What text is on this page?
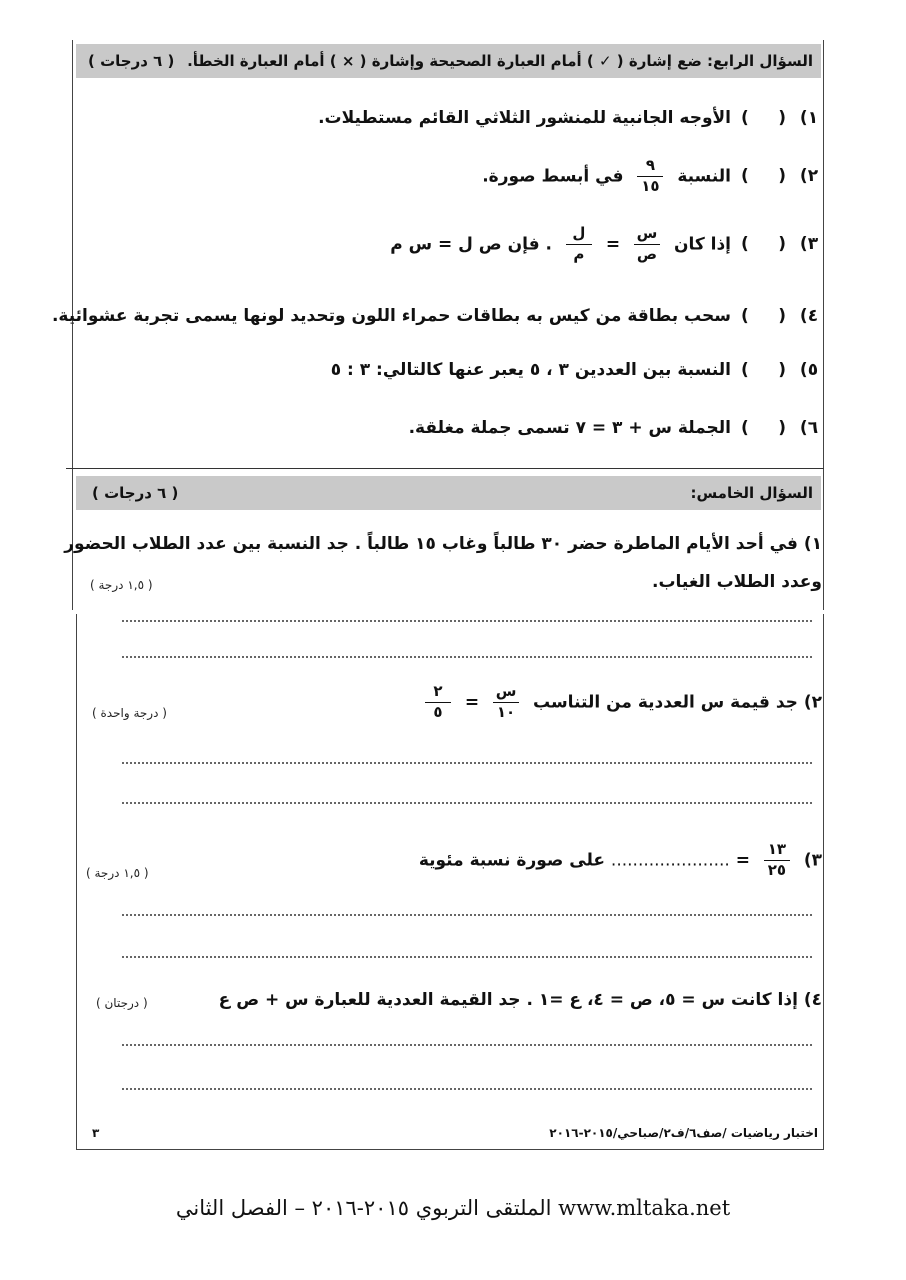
السؤال الرابع: ضع إشارة ( ✓ ) أمام العبارة الصحيحة وإشارة ( × ) أمام العبارة الخطأ.
( ٦ درجات )
١) (     ) الأوجه الجانبية للمنشور الثلاثي القائم مستطيلات.
٢) (     ) النسبة
$\frac{٩}{١٥}$
في أبسط صورة.
٣) (     ) إذا كان
$\frac{\text{س}}{\text{ص}}$
=
$\frac{\text{ل}}{\text{م}}$
. فإن ص ل = س م
٤) (     ) سحب بطاقة من كيس به بطاقات حمراء اللون وتحديد لونها يسمى تجربة عشوائية.
٥) (     ) النسبة بين العددين ٣ ، ٥ يعبر عنها كالتالي: ٣ : ٥
٦) (     ) الجملة س + ٣ = ٧ تسمى جملة مغلقة.
السؤال الخامس:
( ٦ درجات )
١) في أحد الأيام الماطرة حضر ٣٠ طالباً وغاب ١٥ طالباً . جد النسبة بين عدد الطلاب الحضور
وعدد الطلاب الغياب.
( ١,٥ درجة )
٢) جد قيمة س العددية من التناسب
$\frac{\text{س}}{١٠}$
=
$\frac{٢}{٥}$
( درجة واحدة )
٣)
$\frac{١٣}{٢٥}$
= ...................... على صورة نسبة مئوية
( ١,٥ درجة )
٤) إذا كانت س = ٥، ص = ٤، ع =١ . جد القيمة العددية للعبارة س + ص ع
( درجتان )
٣	اختبار رياضيات /صف٦/ف٢/صباحي/٢٠١٥-٢٠١٦
www.mltaka.net الملتقى التربوي ٢٠١٥-٢٠١٦ – الفصل الثاني
